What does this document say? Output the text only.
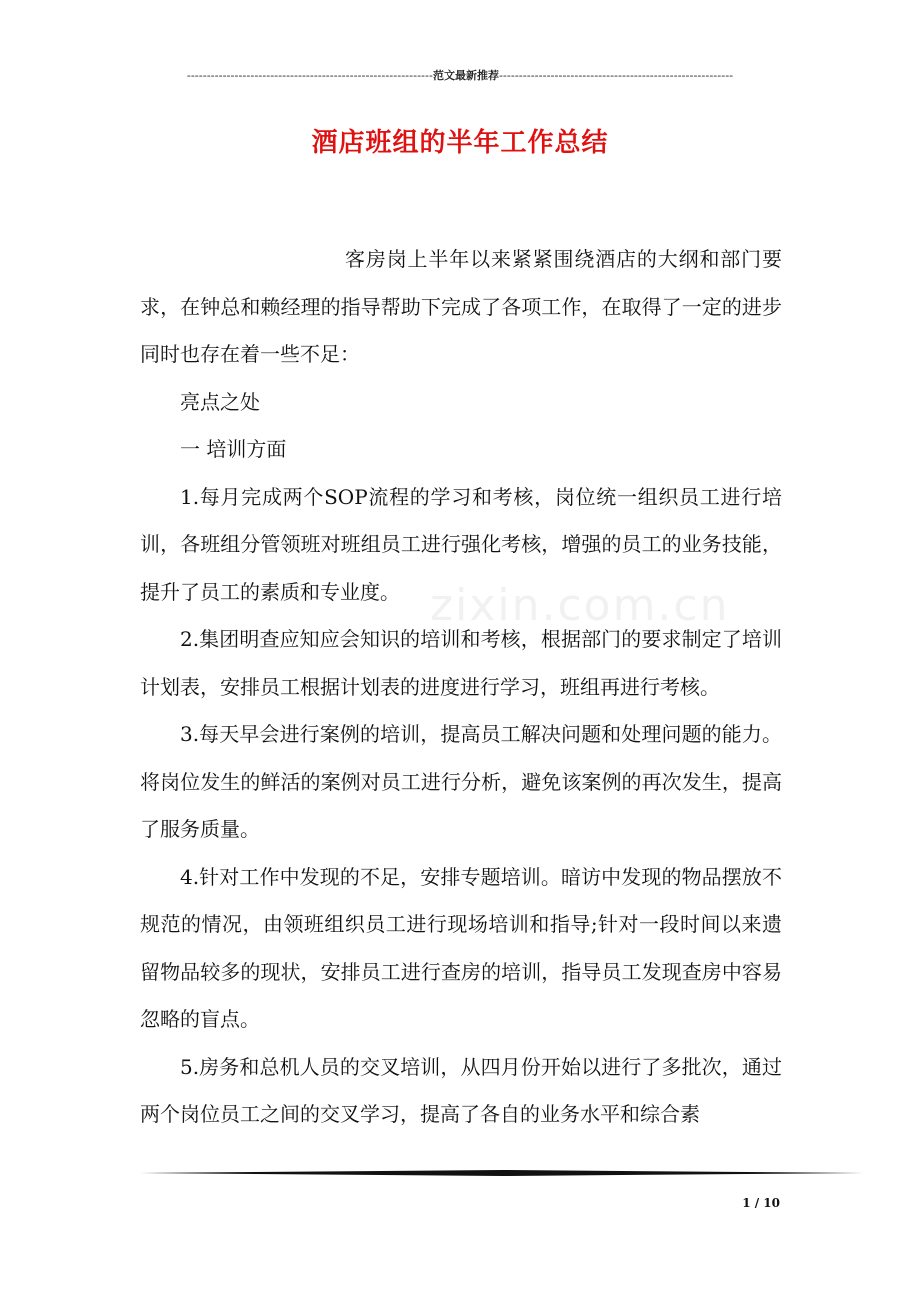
--------------------------------------------------------------范文最新推荐-----------------------------------------------------------
zixin.com.cn
酒店班组的半年工作总结

客房岗上半年以来紧紧围绕酒店的大纲和部门要求，在钟总和赖经理的指导帮助下完成了各项工作，在取得了一定的进步同时也存在着一些不足：

亮点之处

一 培训方面

1.每月完成两个SOP流程的学习和考核，岗位统一组织员工进行培训，各班组分管领班对班组员工进行强化考核，增强的员工的业务技能，提升了员工的素质和专业度。

2.集团明查应知应会知识的培训和考核，根据部门的要求制定了培训计划表，安排员工根据计划表的进度进行学习，班组再进行考核。

3.每天早会进行案例的培训，提高员工解决问题和处理问题的能力。将岗位发生的鲜活的案例对员工进行分析，避免该案例的再次发生，提高了服务质量。

4.针对工作中发现的不足，安排专题培训。暗访中发现的物品摆放不规范的情况，由领班组织员工进行现场培训和指导;针对一段时间以来遗留物品较多的现状，安排员工进行查房的培训，指导员工发现查房中容易忽略的盲点。

5.房务和总机人员的交叉培训，从四月份开始以进行了多批次，通过两个岗位员工之间的交叉学习，提高了各自的业务水平和综合素

1 / 10
